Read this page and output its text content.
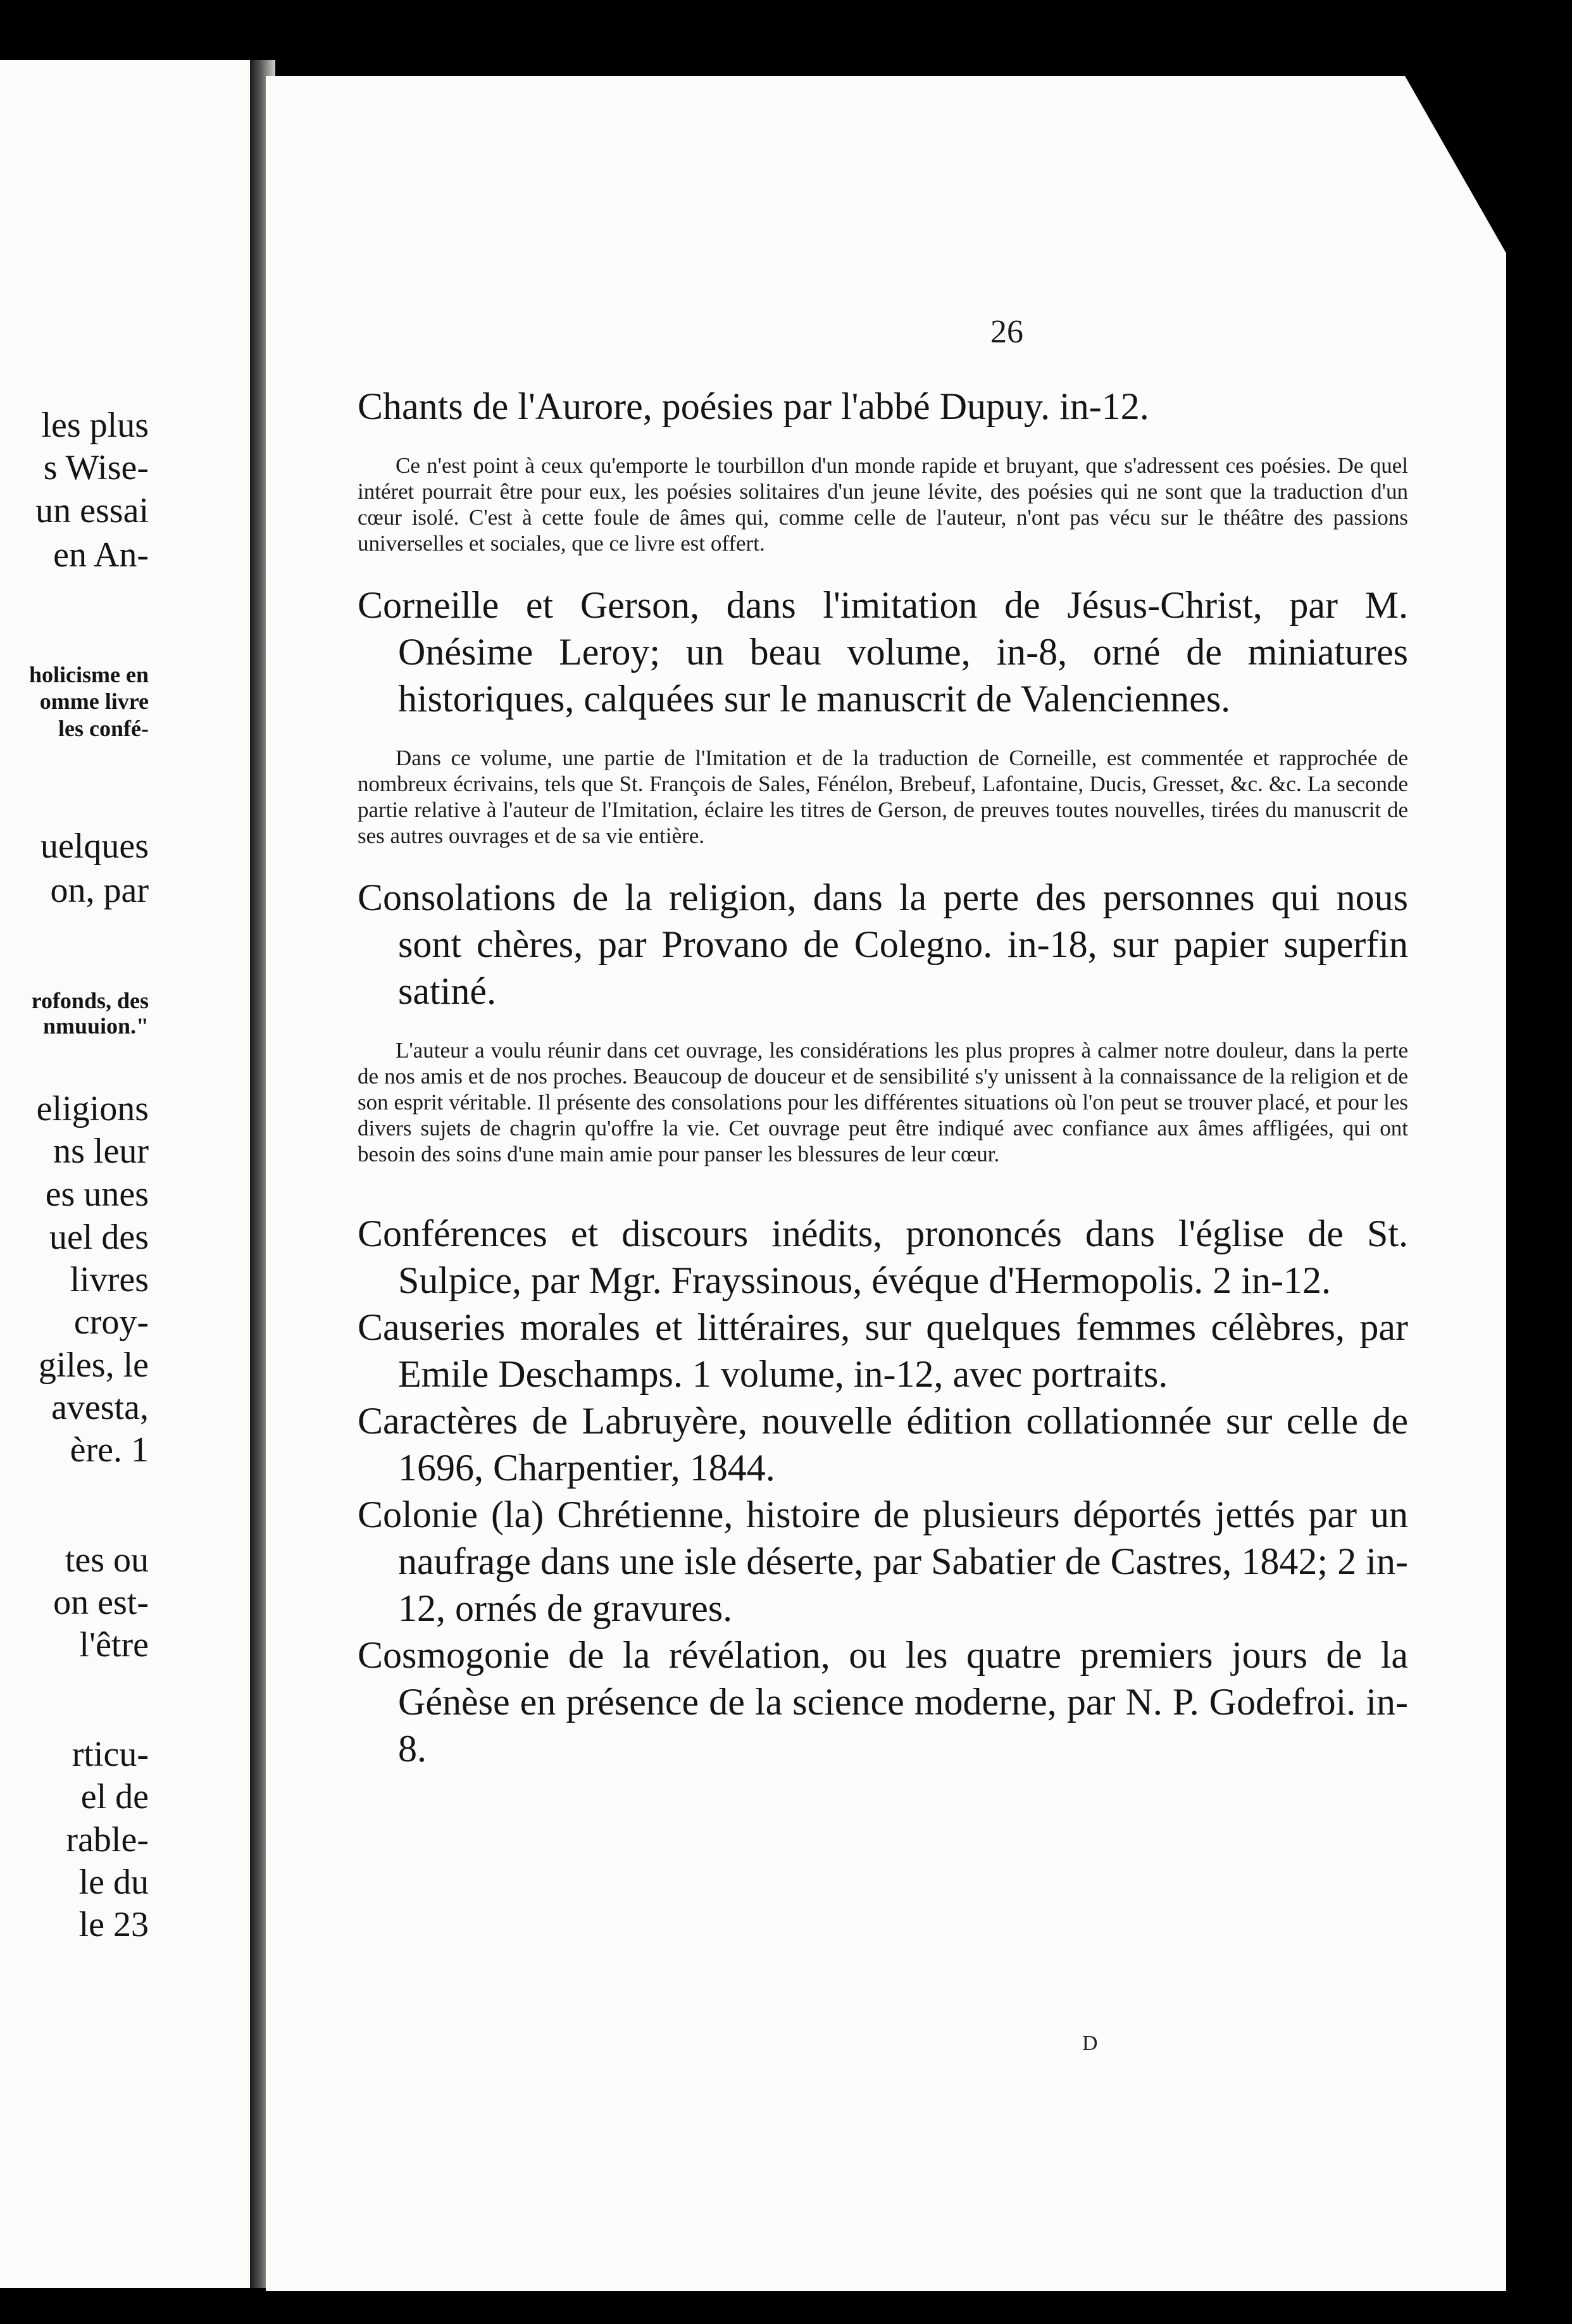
les plus
s Wise-
un essai
en An-
holicisme en
omme livre
les confé-
uelques
on, par
rofonds, des
nmuuion."
eligions
ns leur
es unes
uel des
livres
croy-
giles, le
avesta,
ère. 1
tes ou
on est-
l'être
rticu-
el de
rable-
le du
le 23
26

Chants de l'Aurore, poésies par l'abbé Dupuy. in-12.

Ce n'est point à ceux qu'emporte le tourbillon d'un monde rapide et bruyant, que s'adressent ces poésies. De quel intéret pourrait être pour eux, les poésies solitaires d'un jeune lévite, des poésies qui ne sont que la traduction d'un cœur isolé. C'est à cette foule de âmes qui, comme celle de l'auteur, n'ont pas vécu sur le théâtre des passions universelles et sociales, que ce livre est offert.

Corneille et Gerson, dans l'imitation de Jésus-Christ, par M. Onésime Leroy; un beau volume, in-8, orné de miniatures historiques, calquées sur le manuscrit de Valenciennes.

Dans ce volume, une partie de l'Imitation et de la traduction de Corneille, est commentée et rapprochée de nombreux écrivains, tels que St. François de Sales, Fénélon, Brebeuf, Lafontaine, Ducis, Gresset, &c. &c. La seconde partie relative à l'auteur de l'Imitation, éclaire les titres de Gerson, de preuves toutes nouvelles, tirées du manuscrit de ses autres ouvrages et de sa vie entière.

Consolations de la religion, dans la perte des personnes qui nous sont chères, par Provano de Colegno. in-18, sur papier superfin satiné.

L'auteur a voulu réunir dans cet ouvrage, les considérations les plus propres à calmer notre douleur, dans la perte de nos amis et de nos proches. Beaucoup de douceur et de sensibilité s'y unissent à la connaissance de la religion et de son esprit véritable. Il présente des consolations pour les différentes situations où l'on peut se trouver placé, et pour les divers sujets de chagrin qu'offre la vie. Cet ouvrage peut être indiqué avec confiance aux âmes affligées, qui ont besoin des soins d'une main amie pour panser les blessures de leur cœur.

Conférences et discours inédits, prononcés dans l'église de St. Sulpice, par Mgr. Frayssinous, évéque d'Hermopolis. 2 in-12.

Causeries morales et littéraires, sur quelques femmes célèbres, par Emile Deschamps. 1 volume, in-12, avec portraits.

Caractères de Labruyère, nouvelle édition collationnée sur celle de 1696, Charpentier, 1844.

Colonie (la) Chrétienne, histoire de plusieurs déportés jettés par un naufrage dans une isle déserte, par Sabatier de Castres, 1842; 2 in-12, ornés de gravures.

Cosmogonie de la révélation, ou les quatre premiers jours de la Génèse en présence de la science moderne, par N. P. Godefroi. in-8.

D
